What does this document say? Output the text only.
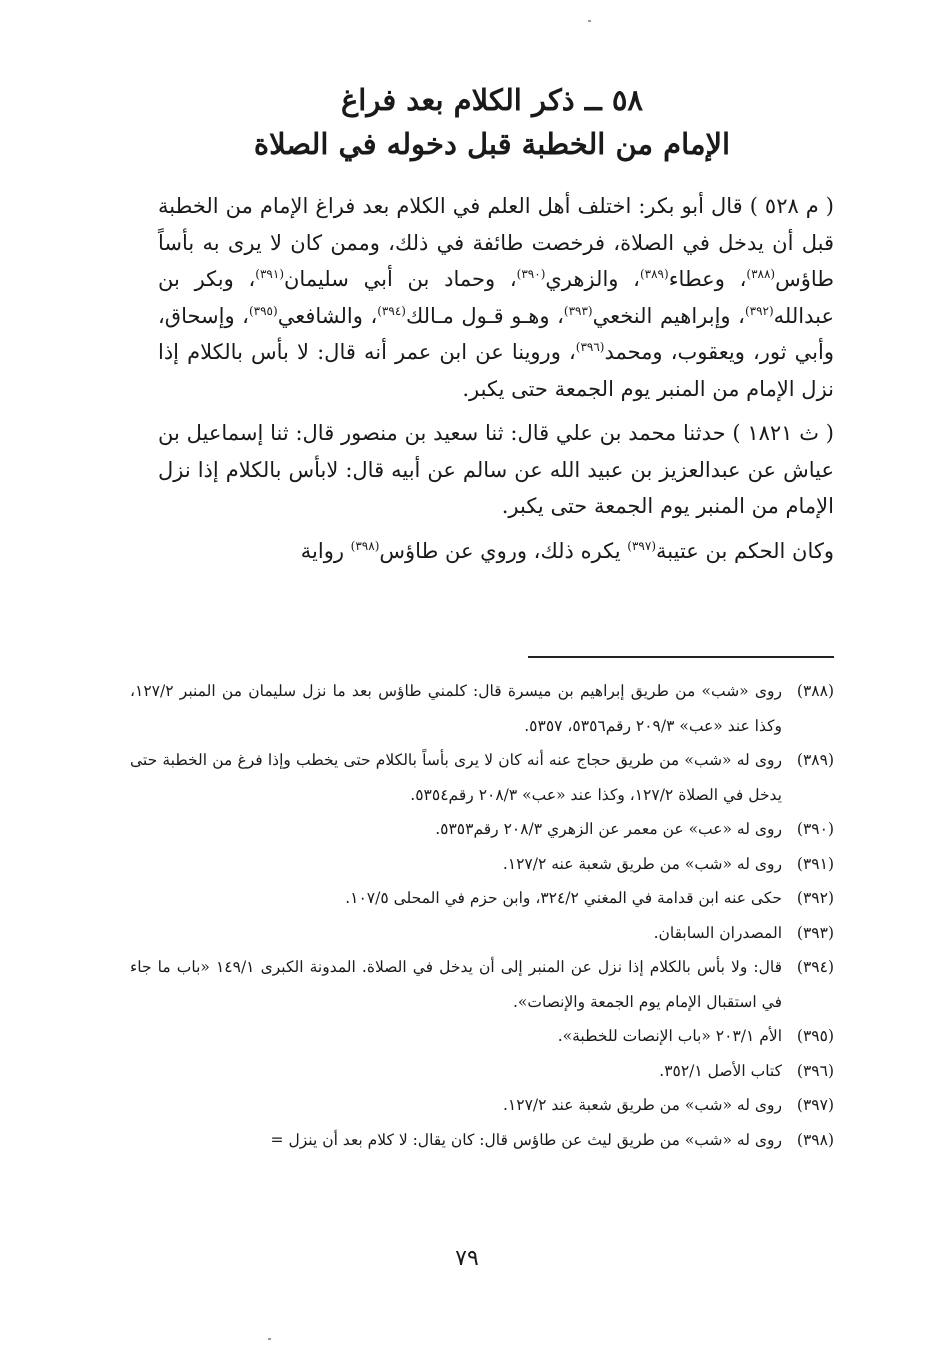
٥٨ ــ ذكر الكلام بعد فراغ
الإمام من الخطبة قبل دخوله في الصلاة

( م ٥٢٨ ) قال أبو بكر: اختلف أهل العلم في الكلام بعد فراغ الإمام من الخطبة قبل أن يدخل في الصلاة، فرخصت طائفة في ذلك، وممن كان لا يرى به بأساً طاؤس$^{(٣٨٨)}$، وعطاء$^{(٣٨٩)}$، والزهري$^{(٣٩٠)}$، وحماد بن أبي سليمان$^{(٣٩١)}$، وبكر بن عبدالله$^{(٣٩٢)}$، وإبراهيم النخعي$^{(٣٩٣)}$، وهـو قـول مـالك$^{(٣٩٤)}$، والشافعي$^{(٣٩٥)}$، وإسحاق، وأبي ثور، ويعقوب، ومحمد$^{(٣٩٦)}$، وروينا عن ابن عمر أنه قال: لا بأس بالكلام إذا نزل الإمام من المنبر يوم الجمعة حتى يكبر.

( ث ١٨٢١ ) حدثنا محمد بن علي قال: ثنا سعيد بن منصور قال: ثنا إسماعيل بن عياش عن عبدالعزيز بن عبيد الله عن سالم عن أبيه قال: لابأس بالكلام إذا نزل الإمام من المنبر يوم الجمعة حتى يكبر.

وكان الحكم بن عتيبة$^{(٣٩٧)}$ يكره ذلك، وروي عن طاؤس$^{(٣٩٨)}$ رواية

(٣٨٨)
روى «شب» من طريق إبراهيم بن ميسرة قال: كلمني طاؤس بعد ما نزل سليمان من المنبر ١٢٧/٢، وكذا عند «عب» ٢٠٩/٣ رقم٥٣٥٦، ٥٣٥٧.
(٣٨٩)
روى له «شب» من طريق حجاج عنه أنه كان لا يرى بأساً بالكلام حتى يخطب وإذا فرغ من الخطبة حتى يدخل في الصلاة ١٢٧/٢، وكذا عند «عب» ٢٠٨/٣ رقم٥٣٥٤.
(٣٩٠)
روى له «عب» عن معمر عن الزهري ٢٠٨/٣ رقم٥٣٥٣.
(٣٩١)
روى له «شب» من طريق شعبة عنه ١٢٧/٢.
(٣٩٢)
حكى عنه ابن قدامة في المغني ٣٢٤/٢، وابن حزم في المحلى ١٠٧/٥.
(٣٩٣)
المصدران السابقان.
(٣٩٤)
قال: ولا بأس بالكلام إذا نزل عن المنبر إلى أن يدخل في الصلاة. المدونة الكبرى ١٤٩/١ «باب ما جاء في استقبال الإمام يوم الجمعة والإنصات».
(٣٩٥)
الأم ٢٠٣/١ «باب الإنصات للخطبة».
(٣٩٦)
كتاب الأصل ٣٥٢/١.
(٣٩٧)
روى له «شب» من طريق شعبة عند ١٢٧/٢.
(٣٩٨)
روى له «شب» من طريق ليث عن طاؤس قال: كان يقال: لا كلام بعد أن ينزل =
٧٩
